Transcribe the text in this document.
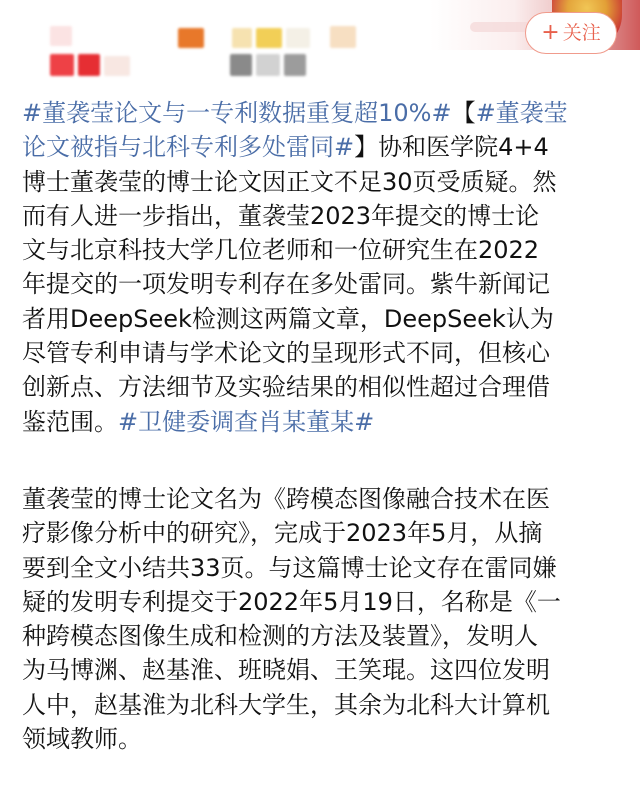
+ 关注
#董袭莹论文与一专利数据重复超10%#【#董袭莹
论文被指与北科专利多处雷同#】协和医学院4+4
博士董袭莹的博士论文因正文不足30页受质疑。然
而有人进一步指出，董袭莹2023年提交的博士论
文与北京科技大学几位老师和一位研究生在2022
年提交的一项发明专利存在多处雷同。紫牛新闻记
者用DeepSeek检测这两篇文章，DeepSeek认为
尽管专利申请与学术论文的呈现形式不同，但核心
创新点、方法细节及实验结果的相似性超过合理借
鉴范围。#卫健委调查肖某董某#
董袭莹的博士论文名为《跨模态图像融合技术在医
疗影像分析中的研究》，完成于2023年5月，从摘
要到全文小结共33页。与这篇博士论文存在雷同嫌
疑的发明专利提交于2022年5月19日，名称是《一
种跨模态图像生成和检测的方法及装置》，发明人
为马博渊、赵基淮、班晓娟、王笑琨。这四位发明
人中，赵基淮为北科大学生，其余为北科大计算机
领域教师。
